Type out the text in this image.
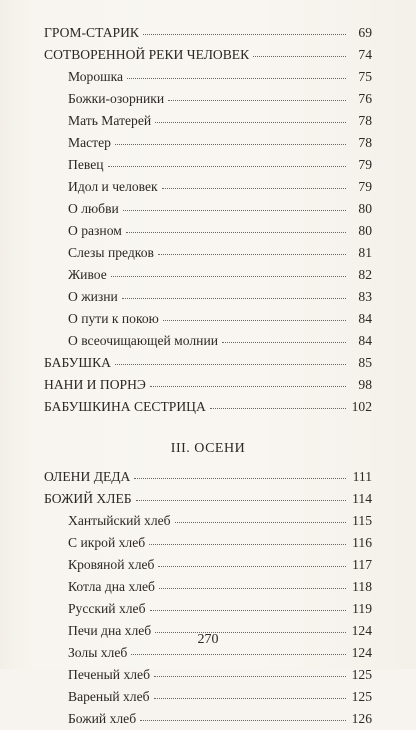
ГРОМ-СТАРИК	69
СОТВОРЕННОЙ РЕКИ ЧЕЛОВЕК	74
Морошка	75
Божки-озорники	76
Мать Матерей	78
Мастер	78
Певец	79
Идол и человек	79
О любви	80
О разном	80
Слезы предков	81
Живое	82
О жизни	83
О пути к покою	84
О всеочищающей молнии	84
БАБУШКА	85
НАНИ И ПОРНЭ	98
БАБУШКИНА СЕСТРИЦА	102
III. ОСЕНИ
ОЛЕНИ ДЕДА	111
БОЖИЙ ХЛЕБ	114
Хантыйский хлеб	115
С икрой хлеб	116
Кровяной хлеб	117
Котла дна хлеб	118
Русский хлеб	119
Печи дна хлеб	124
Золы хлеб	124
Печеный хлеб	125
Вареный хлеб	125
Божий хлеб	126
270
